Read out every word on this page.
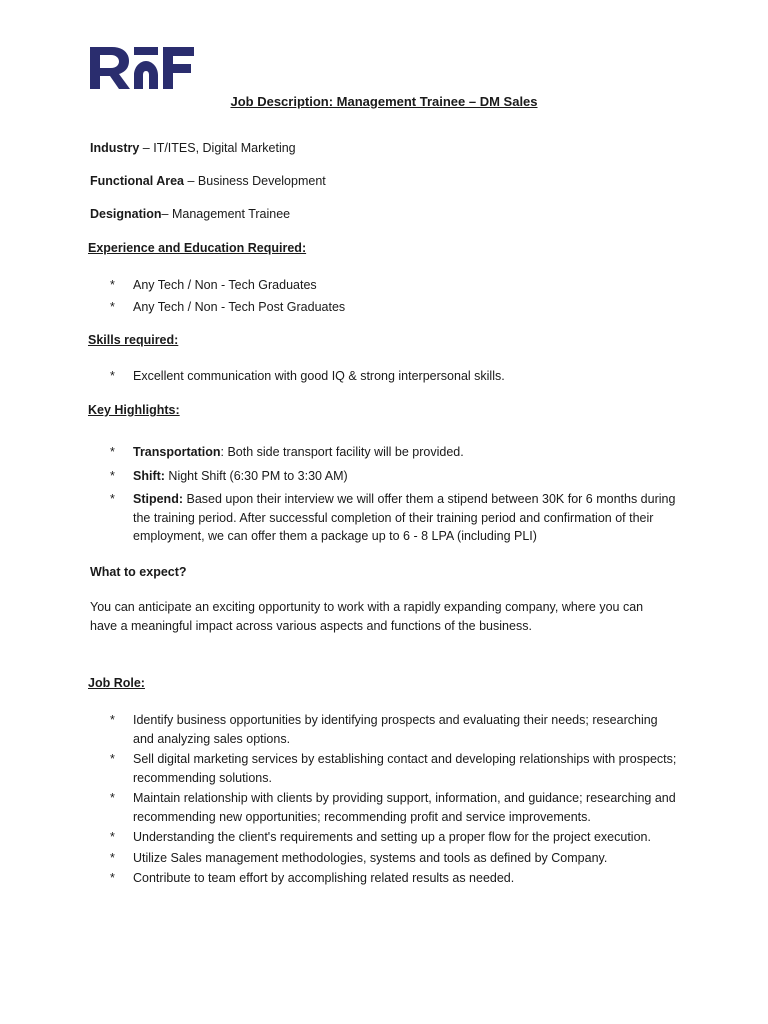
Job Description: Management Trainee – DM Sales
Industry – IT/ITES, Digital Marketing
Functional Area – Business Development
Designation– Management Trainee
Experience and Education Required:
* Any Tech / Non - Tech Graduates
* Any Tech / Non - Tech Post Graduates
Skills required:
* Excellent communication with good IQ & strong interpersonal skills.
Key Highlights:
* Transportation: Both side transport facility will be provided.
* Shift: Night Shift (6:30 PM to 3:30 AM)
* Stipend: Based upon their interview we will offer them a stipend between 30K for 6 months during the training period. After successful completion of their training period and confirmation of their employment, we can offer them a package up to 6 - 8 LPA (including PLI)
What to expect?

You can anticipate an exciting opportunity to work with a rapidly expanding company, where you can have a meaningful impact across various aspects and functions of the business.

Job Role:
* Identify business opportunities by identifying prospects and evaluating their needs; researching and analyzing sales options.
* Sell digital marketing services by establishing contact and developing relationships with prospects; recommending solutions.
* Maintain relationship with clients by providing support, information, and guidance; researching and recommending new opportunities; recommending profit and service improvements.
* Understanding the client's requirements and setting up a proper flow for the project execution.
* Utilize Sales management methodologies, systems and tools as defined by Company.
* Contribute to team effort by accomplishing related results as needed.
